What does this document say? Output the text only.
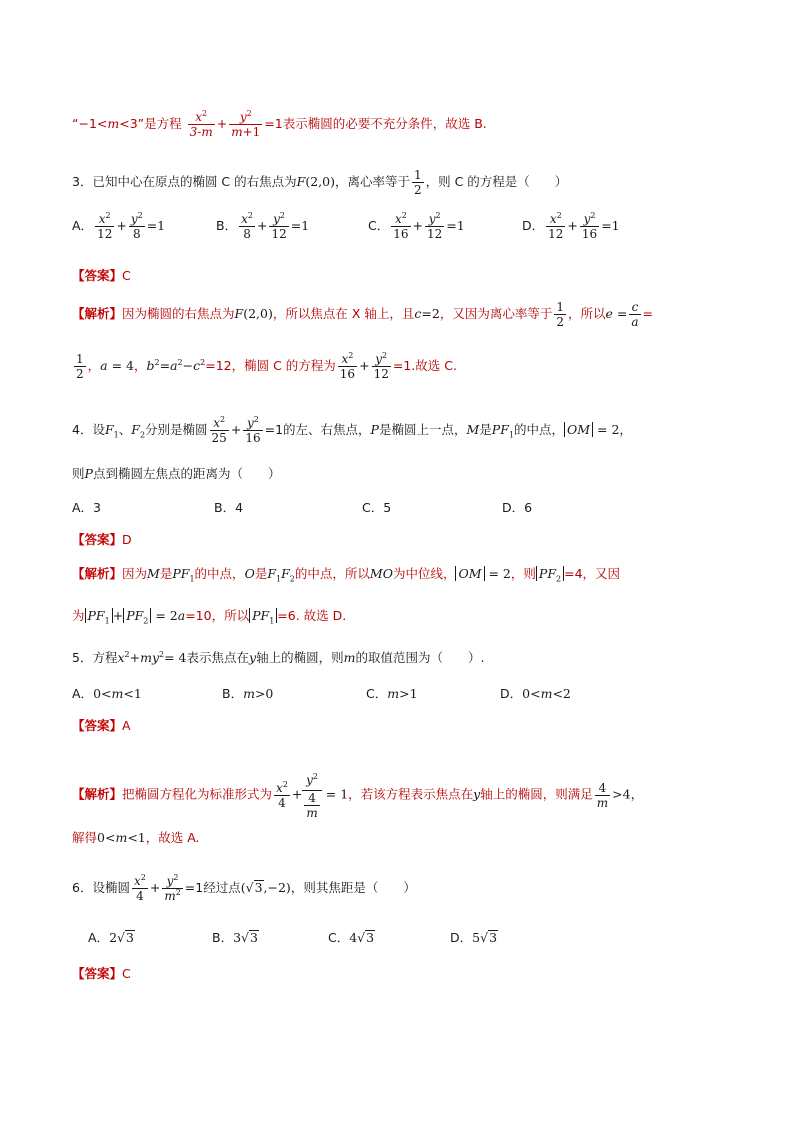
“−1<m<3”是方程 $\frac{x^2}{3-m} + \frac{y^2}{m+1} =1$表示椭圆的必要不充分条件，故选 B.
3．已知中心在原点的椭圆 C 的右焦点为F(2,0)，离心率等于 $\frac{1}{2}$ ，则 C 的方程是（　　）
A． $\frac{x^2}{12} + \frac{y^2}{8} =1$	B． $\frac{x^2}{8} + \frac{y^2}{12} =1$	C． $\frac{x^2}{16} + \frac{y^2}{12} =1$	D． $\frac{x^2}{12} + \frac{y^2}{16} =1$
【答案】C
【解析】因为椭圆的右焦点为F(2,0)，所以焦点在 X 轴上，且c=2，又因为离心率等于 $\frac{1}{2}$ ，所以$e = \frac{c}{a}$ =
$\frac{1}{2}$ ，a = 4，$b^2=a^2-c^2=12$，椭圆 C 的方程为 $\frac{x^2}{16} + \frac{y^2}{12} =1$.故选 C.
4．设$F_1$、$F_2$分别是椭圆 $\frac{x^2}{25} + \frac{y^2}{16} =1$的左、右焦点，P是椭圆上一点，M是$PF_1$的中点， OM = 2，
则P点到椭圆左焦点的距离为（　　）
A．3	B．4	C．5	D．6
【答案】D
【解析】因为M是$PF_1$的中点，O是$F_1F_2$的中点，所以MO为中位线， OM = 2，则 $PF_2 =4$，又因
为 $PF_1 + PF_2 = 2a=10$，所以 $PF_1 =6$. 故选 D.
5．方程$x^2+my^2= 4$表示焦点在y轴上的椭圆，则m的取值范围为（　　）.
A．0<m<1	B．m>0	C．m>1	D．0<m<2
【答案】A
【解析】把椭圆方程化为标准形式为 $\frac{x^2}{4} + \frac{y^2}{\frac{4}{m}} = 1$，若该方程表示焦点在y轴上的椭圆，则满足 $\frac{4}{m} >4$，
解得0<m<1，故选 A.
6．设椭圆 $\frac{x^2}{4} + \frac{y^2}{m^2} =1$经过点(√3,−2)，则其焦距是（　　）
A．2√3	B．3√3	C．4√3	D．5√3
【答案】C
